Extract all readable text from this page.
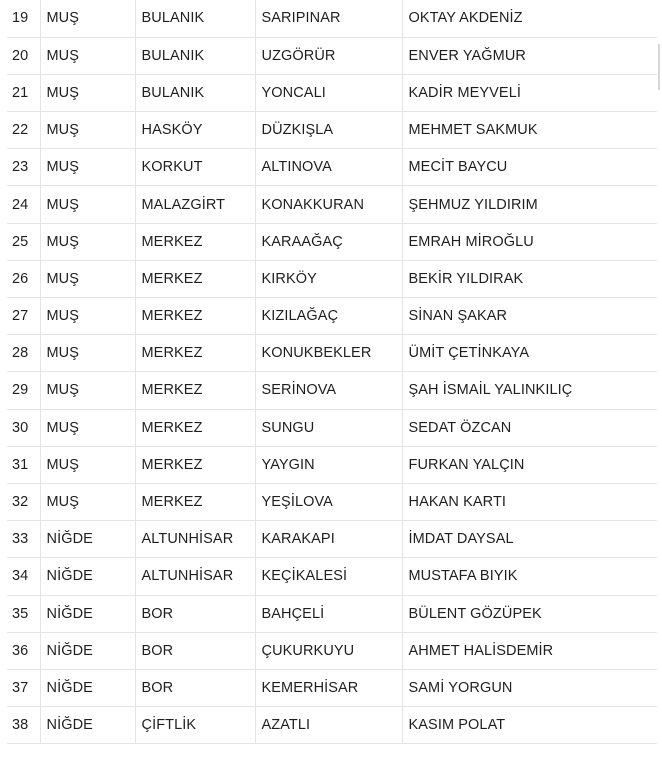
19	MUŞ	BULANIK	SARIPINAR	OKTAY AKDENİZ
20	MUŞ	BULANIK	UZGÖRÜR	ENVER YAĞMUR
21	MUŞ	BULANIK	YONCALI	KADİR MEYVELİ
22	MUŞ	HASKÖY	DÜZKIŞLA	MEHMET SAKMUK
23	MUŞ	KORKUT	ALTINOVA	MECİT BAYCU
24	MUŞ	MALAZGİRT	KONAKKURAN	ŞEHMUZ YILDIRIM
25	MUŞ	MERKEZ	KARAAĞAÇ	EMRAH MİROĞLU
26	MUŞ	MERKEZ	KIRKÖY	BEKİR YILDIRAK
27	MUŞ	MERKEZ	KIZILAĞAÇ	SİNAN ŞAKAR
28	MUŞ	MERKEZ	KONUKBEKLER	ÜMİT ÇETİNKAYA
29	MUŞ	MERKEZ	SERİNOVA	ŞAH İSMAİL YALINKILIÇ
30	MUŞ	MERKEZ	SUNGU	SEDAT ÖZCAN
31	MUŞ	MERKEZ	YAYGIN	FURKAN YALÇIN
32	MUŞ	MERKEZ	YEŞİLOVA	HAKAN KARTI
33	NİĞDE	ALTUNHİSAR	KARAKAPI	İMDAT DAYSAL
34	NİĞDE	ALTUNHİSAR	KEÇİKALESİ	MUSTAFA BIYIK
35	NİĞDE	BOR	BAHÇELİ	BÜLENT GÖZÜPEK
36	NİĞDE	BOR	ÇUKURKUYU	AHMET HALİSDEMİR
37	NİĞDE	BOR	KEMERHİSAR	SAMİ YORGUN
38	NİĞDE	ÇİFTLİK	AZATLI	KASIM POLAT
